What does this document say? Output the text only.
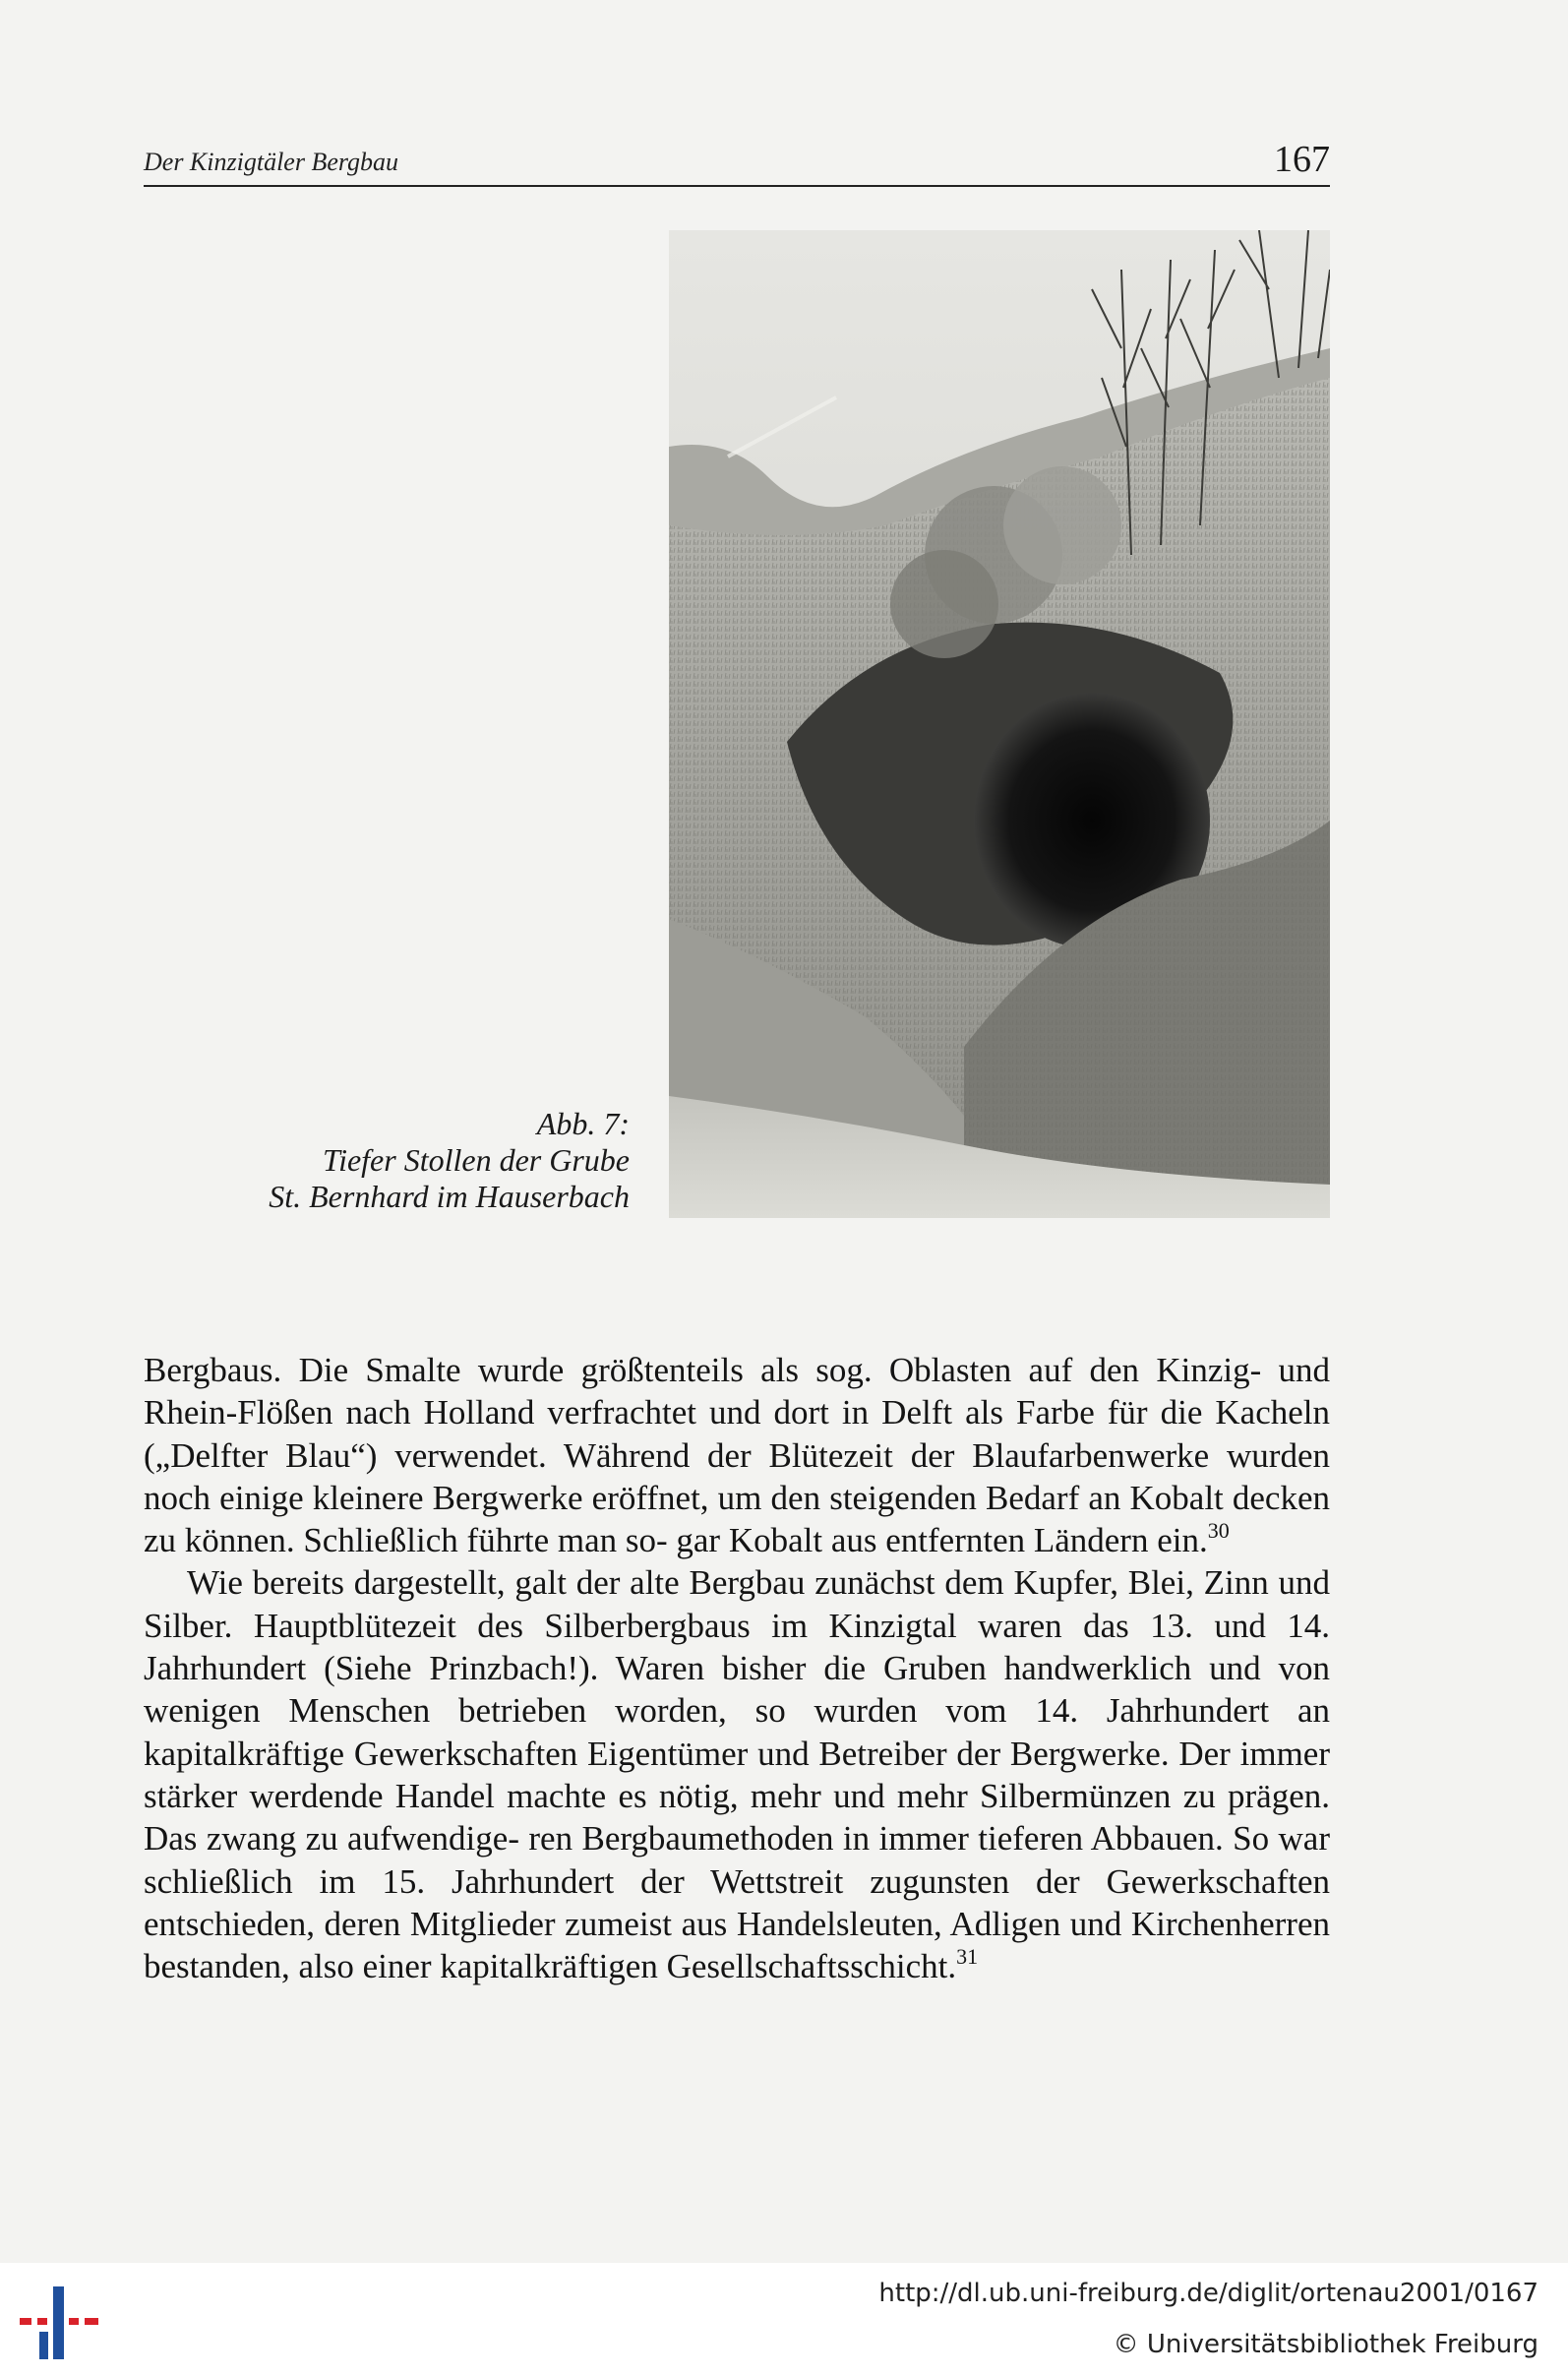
Der Kinzigtäler Bergbau	167
Abb. 7:
Tiefer Stollen der Grube
St. Bernhard im Hauserbach

Bergbaus. Die Smalte wurde größtenteils als sog. Oblasten auf den Kinzig- und Rhein-Flößen nach Holland verfrachtet und dort in Delft als Farbe für die Kacheln („Delfter Blau“) verwendet. Während der Blütezeit der Blaufarbenwerke wurden noch einige kleinere Bergwerke eröffnet, um den steigenden Bedarf an Kobalt decken zu können. Schließlich führte man so- gar Kobalt aus entfernten Ländern ein.$^{30}$

Wie bereits dargestellt, galt der alte Bergbau zunächst dem Kupfer, Blei, Zinn und Silber. Hauptblütezeit des Silberbergbaus im Kinzigtal waren das 13. und 14. Jahrhundert (Siehe Prinzbach!). Waren bisher die Gruben handwerklich und von wenigen Menschen betrieben worden, so wurden vom 14. Jahrhundert an kapitalkräftige Gewerkschaften Eigentümer und Betreiber der Bergwerke. Der immer stärker werdende Handel machte es nötig, mehr und mehr Silbermünzen zu prägen. Das zwang zu aufwendige- ren Bergbaumethoden in immer tieferen Abbauen. So war schließlich im 15. Jahrhundert der Wettstreit zugunsten der Gewerkschaften entschieden, deren Mitglieder zumeist aus Handelsleuten, Adligen und Kirchenherren bestanden, also einer kapitalkräftigen Gesellschaftsschicht.$^{31}$

http://dl.ub.uni-freiburg.de/diglit/ortenau2001/0167
© Universitätsbibliothek Freiburg
